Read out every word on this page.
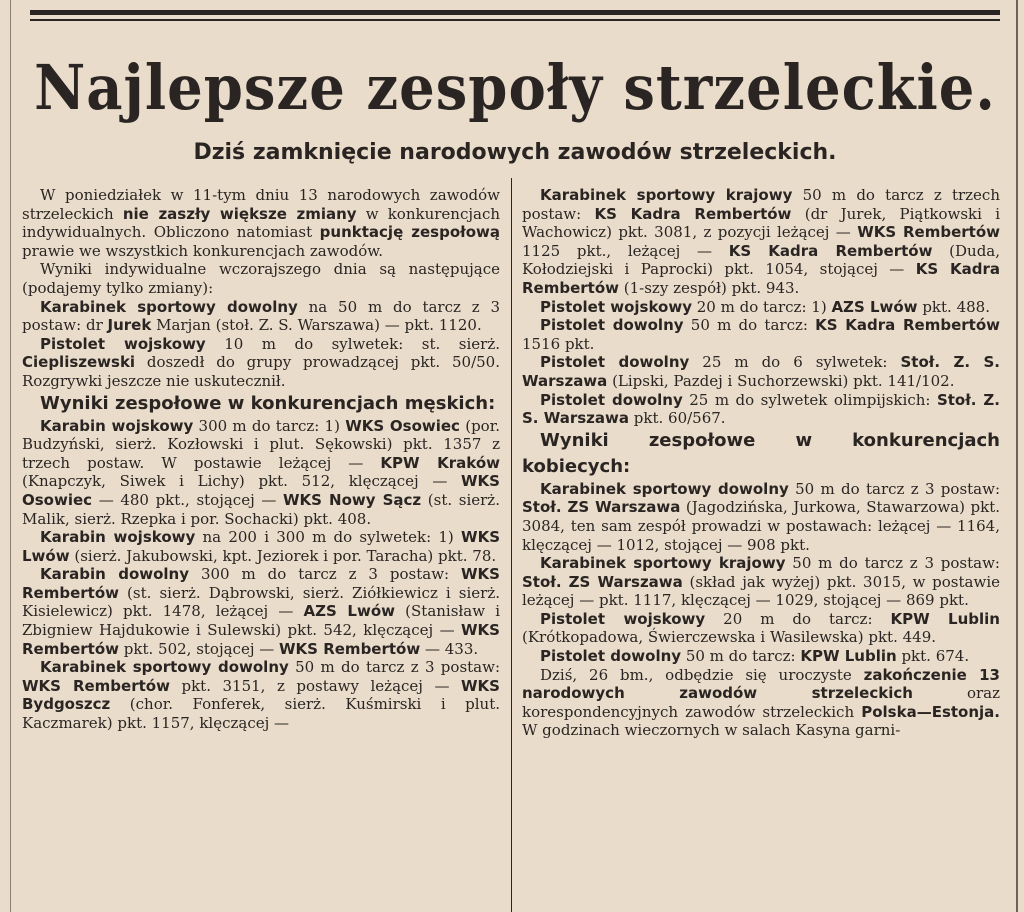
Najlepsze zespoły strzeleckie.
Dziś zamknięcie narodowych zawodów strzeleckich.

W poniedziałek w 11-tym dniu 13 narodowych zawodów strzeleckich nie zaszły większe zmiany w konkurencjach indywidualnych. Obliczono natomiast punktację zespołową prawie we wszystkich konkurencjach zawodów.

Wyniki indywidualne wczorajszego dnia są następujące (podajemy tylko zmiany):

Karabinek sportowy dowolny na 50 m do tarcz z 3 postaw: dr Jurek Marjan (stoł. Z. S. Warszawa) — pkt. 1120.

Pistolet wojskowy 10 m do sylwetek: st. sierż. Ciepliszewski doszedł do grupy prowadzącej pkt. 50/50. Rozgrywki jeszcze nie uskutecznił.

Wyniki zespołowe w konkurencjach męskich:

Karabin wojskowy 300 m do tarcz: 1) WKS Osowiec (por. Budzyński, sierż. Kozłowski i plut. Sękowski) pkt. 1357 z trzech postaw. W postawie leżącej — KPW Kraków (Knapczyk, Siwek i Lichy) pkt. 512, klęczącej — WKS Osowiec — 480 pkt., stojącej — WKS Nowy Sącz (st. sierż. Malik, sierż. Rzepka i por. Sochacki) pkt. 408.

Karabin wojskowy na 200 i 300 m do sylwetek: 1) WKS Lwów (sierż. Jakubowski, kpt. Jeziorek i por. Taracha) pkt. 78.

Karabin dowolny 300 m do tarcz z 3 postaw: WKS Rembertów (st. sierż. Dąbrowski, sierż. Ziółkiewicz i sierż. Kisielewicz) pkt. 1478, leżącej — AZS Lwów (Stanisław i Zbigniew Hajdukowie i Sulewski) pkt. 542, klęczącej — WKS Rembertów pkt. 502, stojącej — WKS Rembertów — 433.

Karabinek sportowy dowolny 50 m do tarcz z 3 postaw: WKS Rembertów pkt. 3151, z postawy leżącej — WKS Bydgoszcz (chor. Fonferek, sierż. Kuśmirski i plut. Kaczmarek) pkt. 1157, klęczącej —

Karabinek sportowy krajowy 50 m do tarcz z trzech postaw: KS Kadra Rembertów (dr Jurek, Piątkowski i Wachowicz) pkt. 3081, z pozycji leżącej — WKS Rembertów 1125 pkt., leżącej — KS Kadra Rembertów (Duda, Kołodziejski i Paprocki) pkt. 1054, stojącej — KS Kadra Rembertów (1-szy zespół) pkt. 943.

Pistolet wojskowy 20 m do tarcz: 1) AZS Lwów pkt. 488.

Pistolet dowolny 50 m do tarcz: KS Kadra Rembertów 1516 pkt.

Pistolet dowolny 25 m do 6 sylwetek: Stoł. Z. S. Warszawa (Lipski, Pazdej i Suchorzewski) pkt. 141/102.

Pistolet dowolny 25 m do sylwetek olimpijskich: Stoł. Z. S. Warszawa pkt. 60/567.

Wyniki zespołowe w konkurencjach kobiecych:

Karabinek sportowy dowolny 50 m do tarcz z 3 postaw: Stoł. ZS Warszawa (Jagodzińska, Jurkowa, Stawarzowa) pkt. 3084, ten sam zespół prowadzi w postawach: leżącej — 1164, klęczącej — 1012, stojącej — 908 pkt.

Karabinek sportowy krajowy 50 m do tarcz z 3 postaw: Stoł. ZS Warszawa (skład jak wyżej) pkt. 3015, w postawie leżącej — pkt. 1117, klęczącej — 1029, stojącej — 869 pkt.

Pistolet wojskowy 20 m do tarcz: KPW Lublin (Krótkopadowa, Świerczewska i Wasilewska) pkt. 449.

Pistolet dowolny 50 m do tarcz: KPW Lublin pkt. 674.

Dziś, 26 bm., odbędzie się uroczyste zakończenie 13 narodowych zawodów strzeleckich oraz korespondencyjnych zawodów strzeleckich Polska—Estonja. W godzinach wieczornych w salach Kasyna garni-
